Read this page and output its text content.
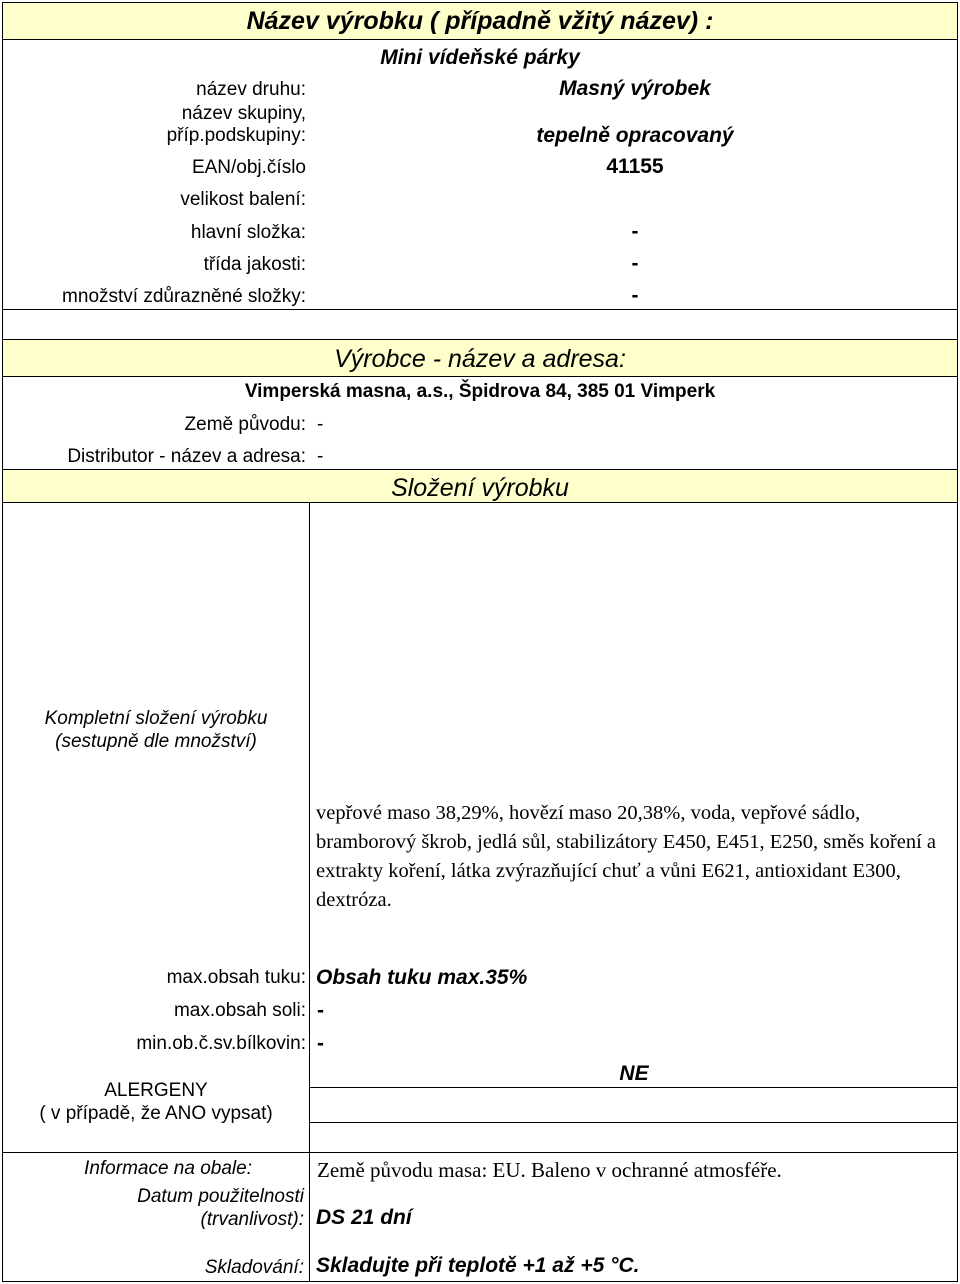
Název výrobku ( případně vžitý název) :
Mini vídeňské párky
název druhu:	Masný výrobek
název skupiny,
příp.podskupiny:	tepelně opracovaný
EAN/obj.číslo	41155
velikost balení:
hlavní složka:	-
třída jakosti:	-
množství zdůrazněné složky:	-
Výrobce - název a adresa:
Vimperská masna, a.s., Špidrova 84, 385 01 Vimperk
Země původu: -
Distributor - název a adresa: -
Složení výrobku
Kompletní složení výrobku
(sestupně dle množství)
vepřové maso 38,29%, hovězí maso 20,38%, voda, vepřové sádlo, bramborový škrob, jedlá sůl, stabilizátory E450, E451, E250, směs koření a extrakty koření, látka zvýrazňující chuť a vůni E621, antioxidant E300, dextróza.
max.obsah tuku: Obsah tuku max.35%
max.obsah soli: -
min.ob.č.sv.bílkovin: -
ALERGENY
( v případě, že ANO vypsat)
NE
Informace na obale:	Země původu masa: EU. Baleno v ochranné atmosféře.
Datum použitelnosti
(trvanlivost): DS 21 dní
Skladování: Skladujte při teplotě +1 až +5 °C.
